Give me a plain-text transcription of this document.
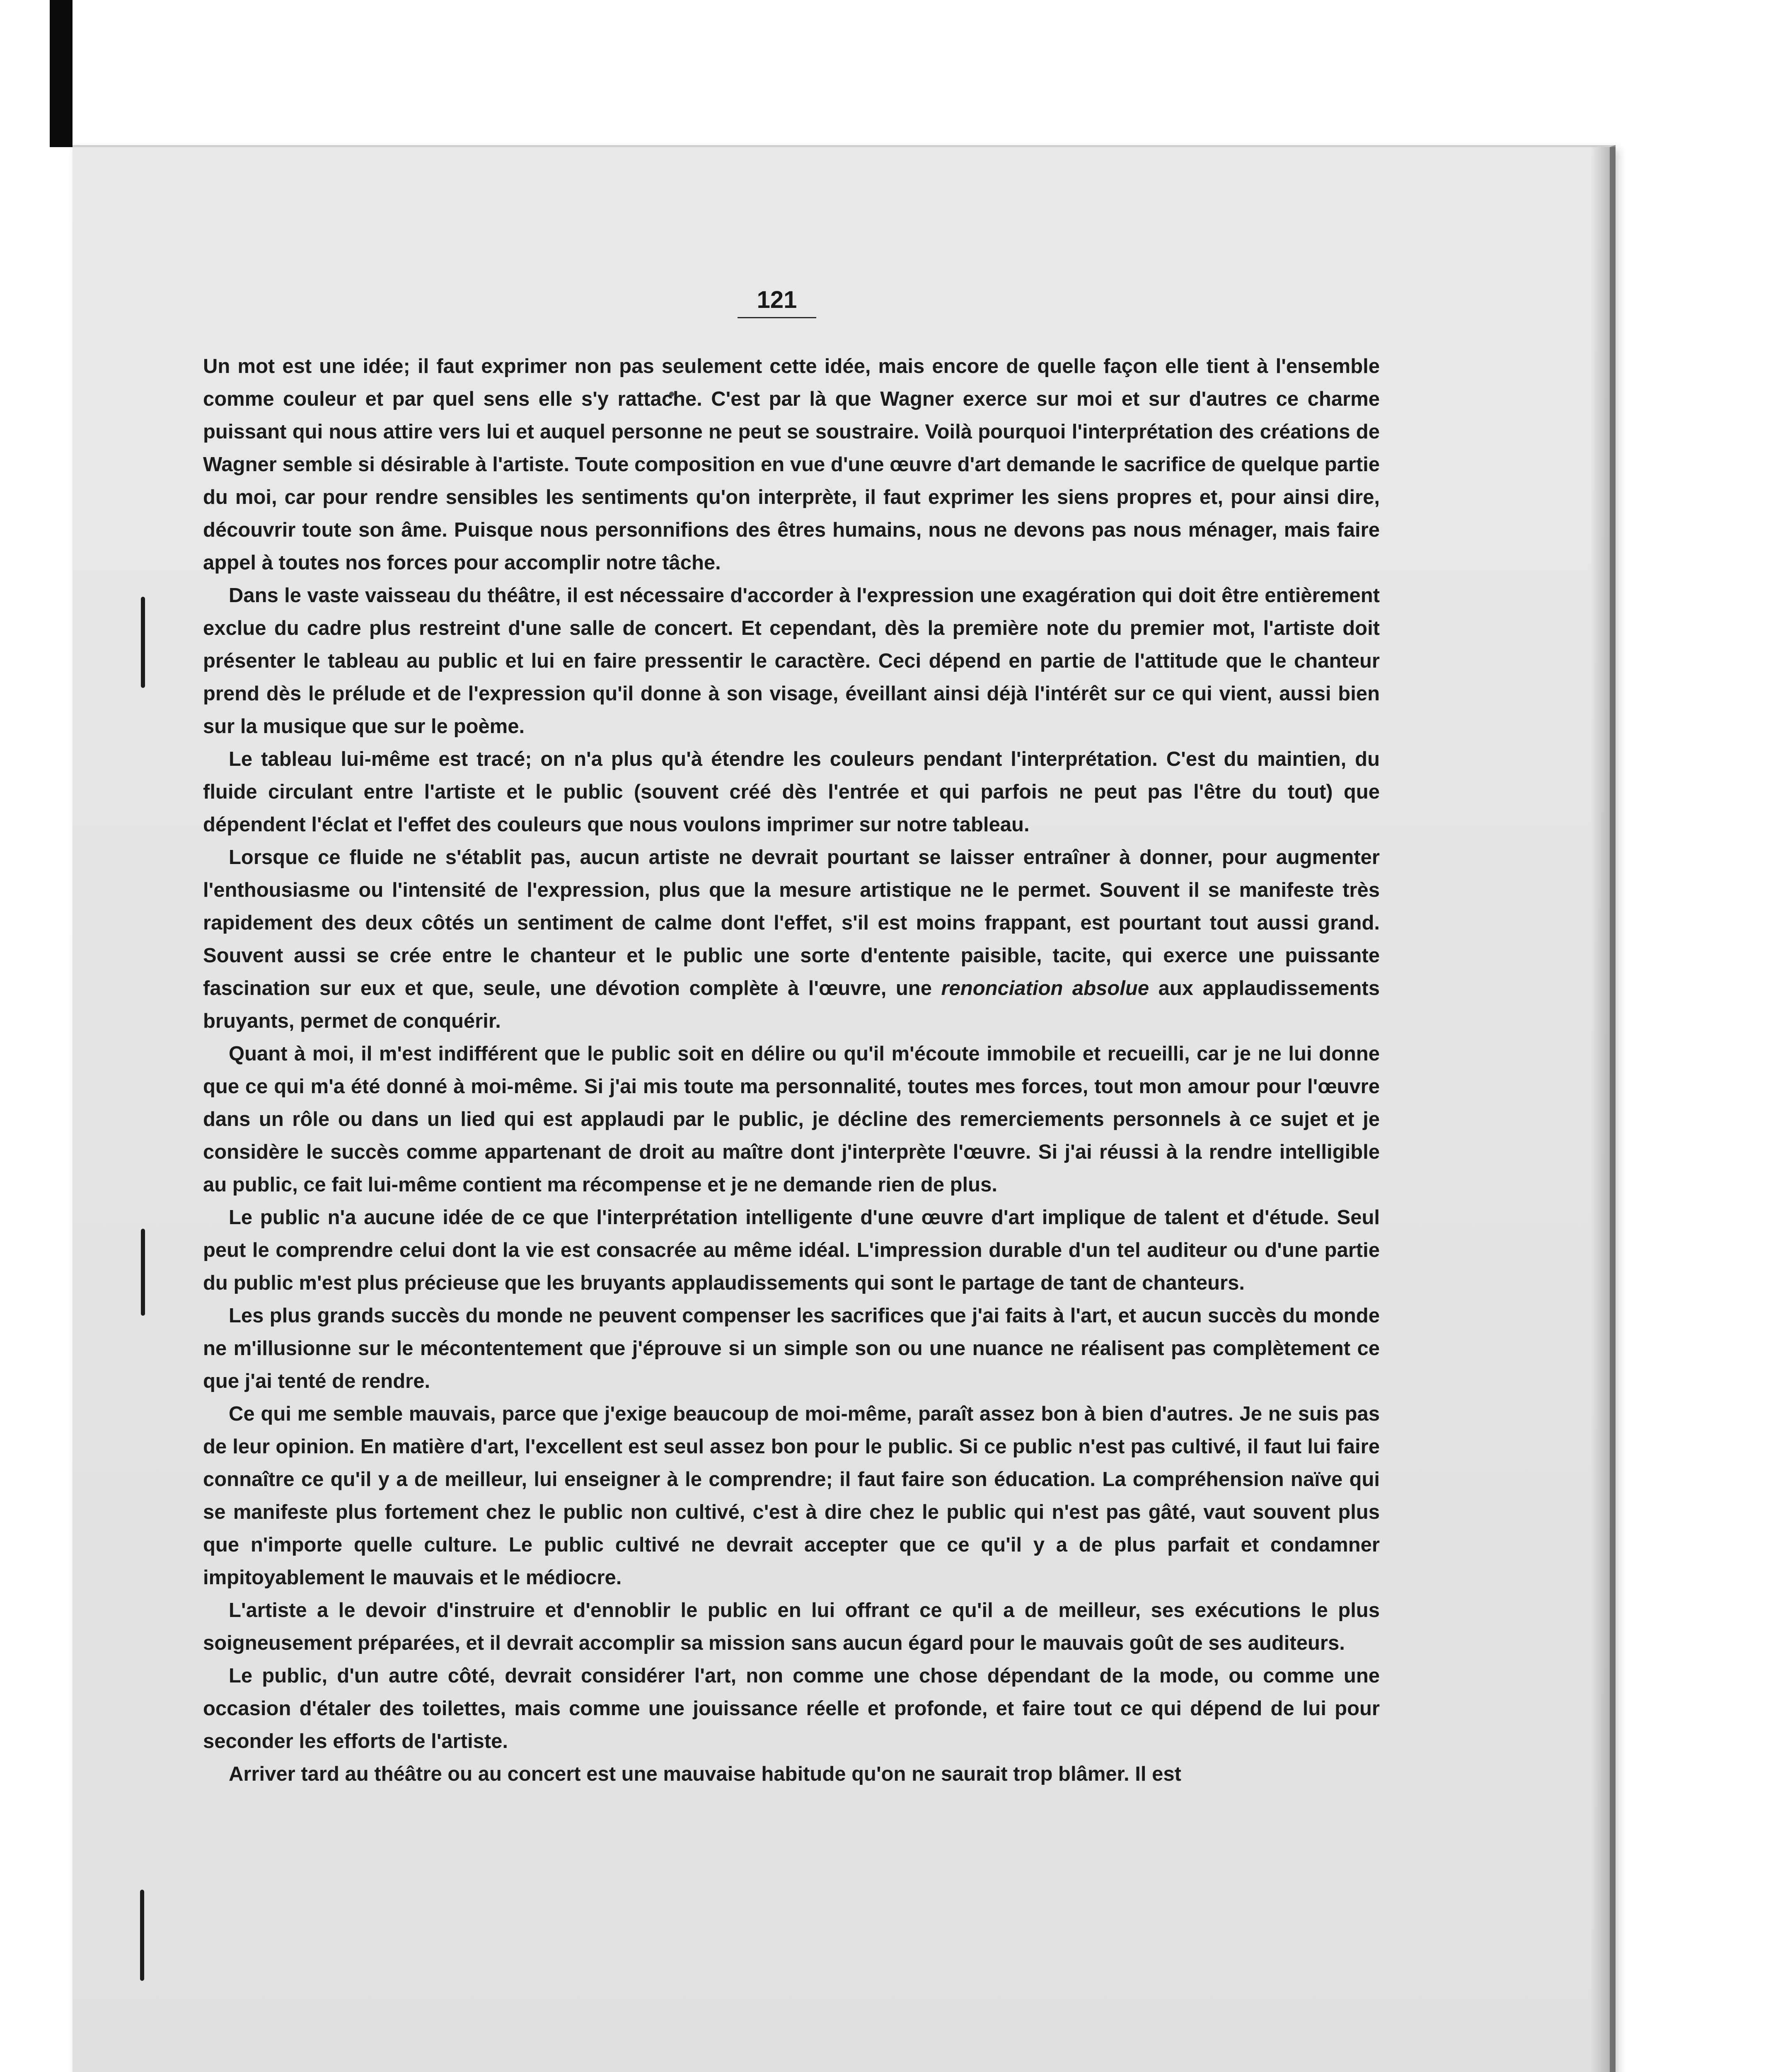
121

Un mot est une idée; il faut exprimer non pas seulement cette idée, mais encore de quelle façon elle tient à l'ensemble comme couleur et par quel sens elle s'y rattache. C'est par là que Wagner exerce sur moi et sur d'autres ce charme puissant qui nous attire vers lui et auquel personne ne peut se soustraire. Voilà pourquoi l'interprétation des créations de Wagner semble si désirable à l'artiste. Toute composition en vue d'une œuvre d'art demande le sacrifice de quelque partie du moi, car pour rendre sensibles les sentiments qu'on interprète, il faut exprimer les siens propres et, pour ainsi dire, découvrir toute son âme. Puisque nous personnifions des êtres humains, nous ne devons pas nous ménager, mais faire appel à toutes nos forces pour accomplir notre tâche.

Dans le vaste vaisseau du théâtre, il est nécessaire d'accorder à l'expression une exagération qui doit être entièrement exclue du cadre plus restreint d'une salle de concert. Et cependant, dès la première note du premier mot, l'artiste doit présenter le tableau au public et lui en faire pressentir le caractère. Ceci dépend en partie de l'attitude que le chanteur prend dès le prélude et de l'expression qu'il donne à son visage, éveillant ainsi déjà l'intérêt sur ce qui vient, aussi bien sur la musique que sur le poème.

Le tableau lui-même est tracé; on n'a plus qu'à étendre les couleurs pendant l'interprétation. C'est du maintien, du fluide circulant entre l'artiste et le public (souvent créé dès l'entrée et qui parfois ne peut pas l'être du tout) que dépendent l'éclat et l'effet des couleurs que nous voulons imprimer sur notre tableau.

Lorsque ce fluide ne s'établit pas, aucun artiste ne devrait pourtant se laisser entraîner à donner, pour augmenter l'enthousiasme ou l'intensité de l'expression, plus que la mesure artistique ne le permet. Souvent il se manifeste très rapidement des deux côtés un sentiment de calme dont l'effet, s'il est moins frappant, est pourtant tout aussi grand. Souvent aussi se crée entre le chanteur et le public une sorte d'entente paisible, tacite, qui exerce une puissante fascination sur eux et que, seule, une dévotion complète à l'œuvre, une renonciation absolue aux applaudissements bruyants, permet de conquérir.

Quant à moi, il m'est indifférent que le public soit en délire ou qu'il m'écoute immobile et recueilli, car je ne lui donne que ce qui m'a été donné à moi-même. Si j'ai mis toute ma personnalité, toutes mes forces, tout mon amour pour l'œuvre dans un rôle ou dans un lied qui est applaudi par le public, je décline des remerciements personnels à ce sujet et je considère le succès comme appartenant de droit au maître dont j'interprète l'œuvre. Si j'ai réussi à la rendre intelligible au public, ce fait lui-même contient ma récompense et je ne demande rien de plus.

Le public n'a aucune idée de ce que l'interprétation intelligente d'une œuvre d'art implique de talent et d'étude. Seul peut le comprendre celui dont la vie est consacrée au même idéal. L'impression durable d'un tel auditeur ou d'une partie du public m'est plus précieuse que les bruyants applaudissements qui sont le partage de tant de chanteurs.

Les plus grands succès du monde ne peuvent compenser les sacrifices que j'ai faits à l'art, et aucun succès du monde ne m'illusionne sur le mécontentement que j'éprouve si un simple son ou une nuance ne réalisent pas complètement ce que j'ai tenté de rendre.

Ce qui me semble mauvais, parce que j'exige beaucoup de moi-même, paraît assez bon à bien d'autres. Je ne suis pas de leur opinion. En matière d'art, l'excellent est seul assez bon pour le public. Si ce public n'est pas cultivé, il faut lui faire connaître ce qu'il y a de meilleur, lui enseigner à le comprendre; il faut faire son éducation. La compréhension naïve qui se manifeste plus fortement chez le public non cultivé, c'est à dire chez le public qui n'est pas gâté, vaut souvent plus que n'importe quelle culture. Le public cultivé ne devrait accepter que ce qu'il y a de plus parfait et condamner impitoyablement le mauvais et le médiocre.

L'artiste a le devoir d'instruire et d'ennoblir le public en lui offrant ce qu'il a de meilleur, ses exécutions le plus soigneusement préparées, et il devrait accomplir sa mission sans aucun égard pour le mauvais goût de ses auditeurs.

Le public, d'un autre côté, devrait considérer l'art, non comme une chose dépendant de la mode, ou comme une occasion d'étaler des toilettes, mais comme une jouissance réelle et profonde, et faire tout ce qui dépend de lui pour seconder les efforts de l'artiste.

Arriver tard au théâtre ou au concert est une mauvaise habitude qu'on ne saurait trop blâmer. Il est
